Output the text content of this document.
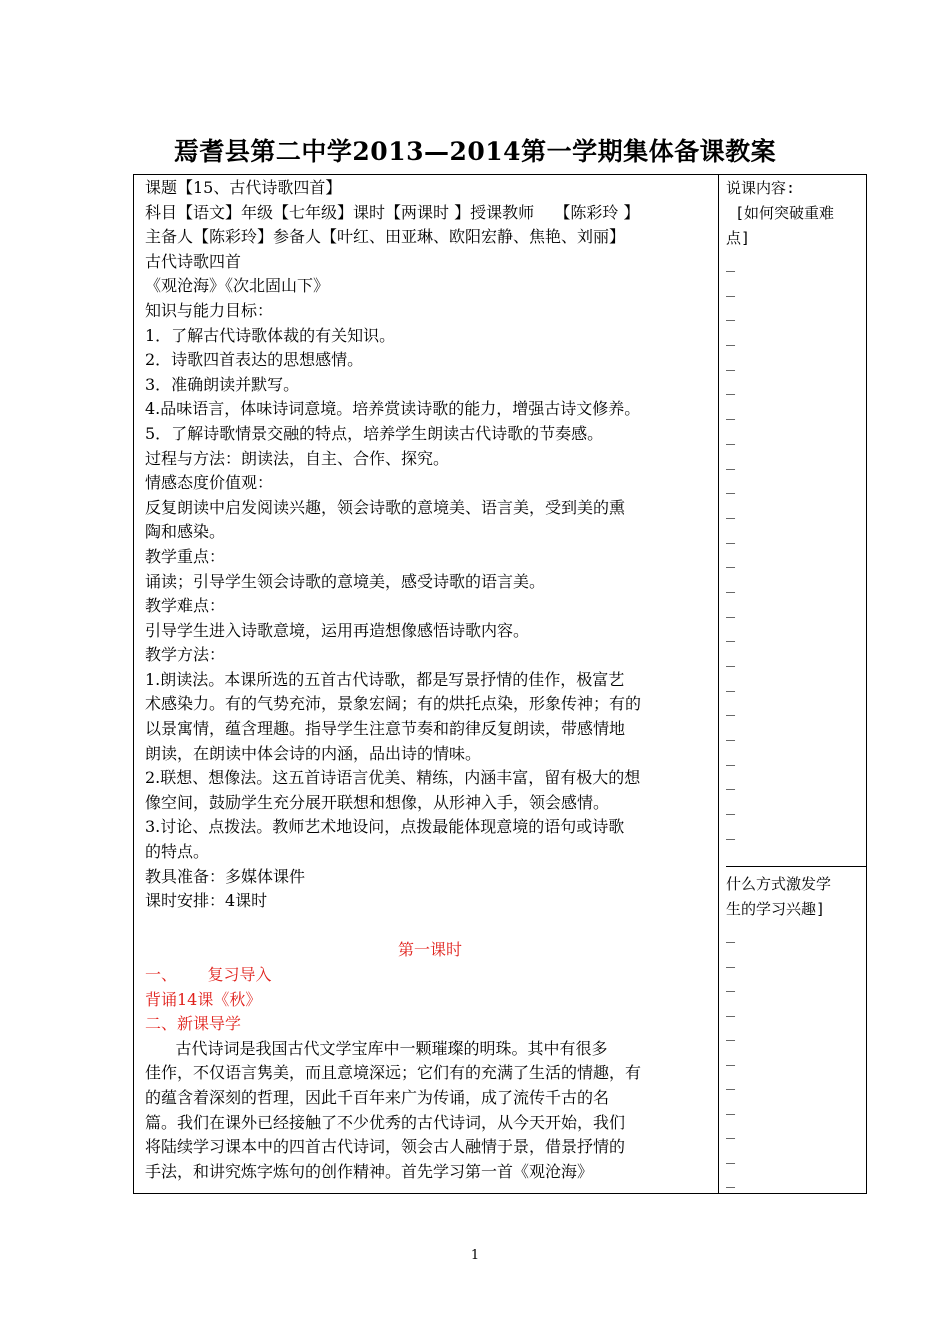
焉耆县第二中学2013—2014第一学期集体备课教案
课题【15、古代诗歌四首】
科目【语文】年级【七年级】课时【两课时 】授课教师    【陈彩玲 】
主备人【陈彩玲】参备人【叶红、田亚琳、欧阳宏静、焦艳、刘丽】
古代诗歌四首
《观沧海》《次北固山下》
知识与能力目标：
1．了解古代诗歌体裁的有关知识。
2．诗歌四首表达的思想感情。
3．准确朗读并默写。
4.品味语言，体味诗词意境。培养赏读诗歌的能力，增强古诗文修养。
5．了解诗歌情景交融的特点，培养学生朗读古代诗歌的节奏感。
过程与方法：朗读法，自主、合作、探究。
情感态度价值观：
反复朗读中启发阅读兴趣，领会诗歌的意境美、语言美，受到美的熏
陶和感染。
教学重点：
诵读；引导学生领会诗歌的意境美，感受诗歌的语言美。
教学难点：
引导学生进入诗歌意境，运用再造想像感悟诗歌内容。
教学方法：
1.朗读法。本课所选的五首古代诗歌，都是写景抒情的佳作，极富艺
术感染力。有的气势充沛，景象宏阔；有的烘托点染，形象传神；有的
以景寓情，蕴含理趣。指导学生注意节奏和韵律反复朗读，带感情地
朗读，在朗读中体会诗的内涵，品出诗的情味。
2.联想、想像法。这五首诗语言优美、精练，内涵丰富，留有极大的想
像空间，鼓励学生充分展开联想和想像，从形神入手，领会感情。
3.讨论、点拨法。教师艺术地设问，点拨最能体现意境的语句或诗歌
的特点。
教具准备：多媒体课件
课时安排：4课时
第一课时
一、      复习导入
背诵14课《秋》
二、新课导学
古代诗词是我国古代文学宝库中一颗璀璨的明珠。其中有很多
佳作，不仅语言隽美，而且意境深远；它们有的充满了生活的情趣，有
的蕴含着深刻的哲理，因此千百年来广为传诵，成了流传千古的名
篇。我们在课外已经接触了不少优秀的古代诗词，从今天开始，我们
将陆续学习课本中的四首古代诗词，领会古人融情于景，借景抒情的
手法，和讲究炼字炼句的创作精神。首先学习第一首《观沧海》
说课内容:
[如何突破重难
点]
_
_
_
_
_
_
_
_
_
_
_
_
_
_
_
_
_
_
_
_
_
_
_
_
什么方式激发学
生的学习兴趣]
_
_
_
_
_
_
_
_
_
_
_
1
